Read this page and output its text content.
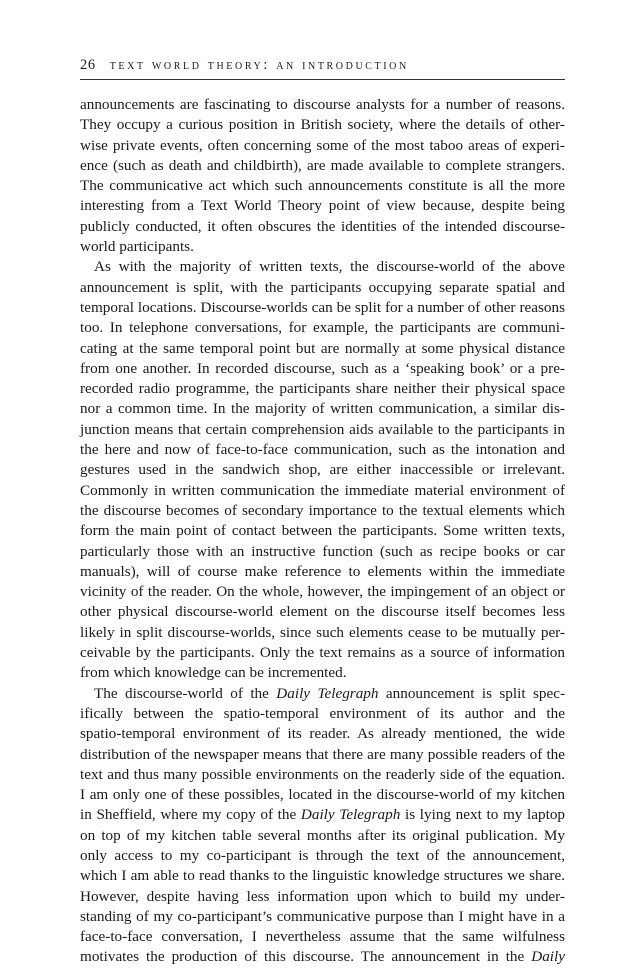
26 text world theory: an introduction
announcements are fascinating to discourse analysts for a number of reasons.
They occupy a curious position in British society, where the details of other-
wise private events, often concerning some of the most taboo areas of experi-
ence (such as death and childbirth), are made available to complete strangers.
The communicative act which such announcements constitute is all the more
interesting from a Text World Theory point of view because, despite being
publicly conducted, it often obscures the identities of the intended discourse-
world participants.
As with the majority of written texts, the discourse-world of the above
announcement is split, with the participants occupying separate spatial and
temporal locations. Discourse-worlds can be split for a number of other reasons
too. In telephone conversations, for example, the participants are communi-
cating at the same temporal point but are normally at some physical distance
from one another. In recorded discourse, such as a ‘speaking book’ or a pre-
recorded radio programme, the participants share neither their physical space
nor a common time. In the majority of written communication, a similar dis-
junction means that certain comprehension aids available to the participants in
the here and now of face-to-face communication, such as the intonation and
gestures used in the sandwich shop, are either inaccessible or irrelevant.
Commonly in written communication the immediate material environment of
the discourse becomes of secondary importance to the textual elements which
form the main point of contact between the participants. Some written texts,
particularly those with an instructive function (such as recipe books or car
manuals), will of course make reference to elements within the immediate
vicinity of the reader. On the whole, however, the impingement of an object or
other physical discourse-world element on the discourse itself becomes less
likely in split discourse-worlds, since such elements cease to be mutually per-
ceivable by the participants. Only the text remains as a source of information
from which knowledge can be incremented.
The discourse-world of the Daily Telegraph announcement is split spec-
ifically between the spatio-temporal environment of its author and the
spatio-temporal environment of its reader. As already mentioned, the wide
distribution of the newspaper means that there are many possible readers of the
text and thus many possible environments on the readerly side of the equation.
I am only one of these possibles, located in the discourse-world of my kitchen
in Sheffield, where my copy of the Daily Telegraph is lying next to my laptop
on top of my kitchen table several months after its original publication. My
only access to my co-participant is through the text of the announcement,
which I am able to read thanks to the linguistic knowledge structures we share.
However, despite having less information upon which to build my under-
standing of my co-participant’s communicative purpose than I might have in a
face-to-face conversation, I nevertheless assume that the same wilfulness
motivates the production of this discourse. The announcement in the Daily
